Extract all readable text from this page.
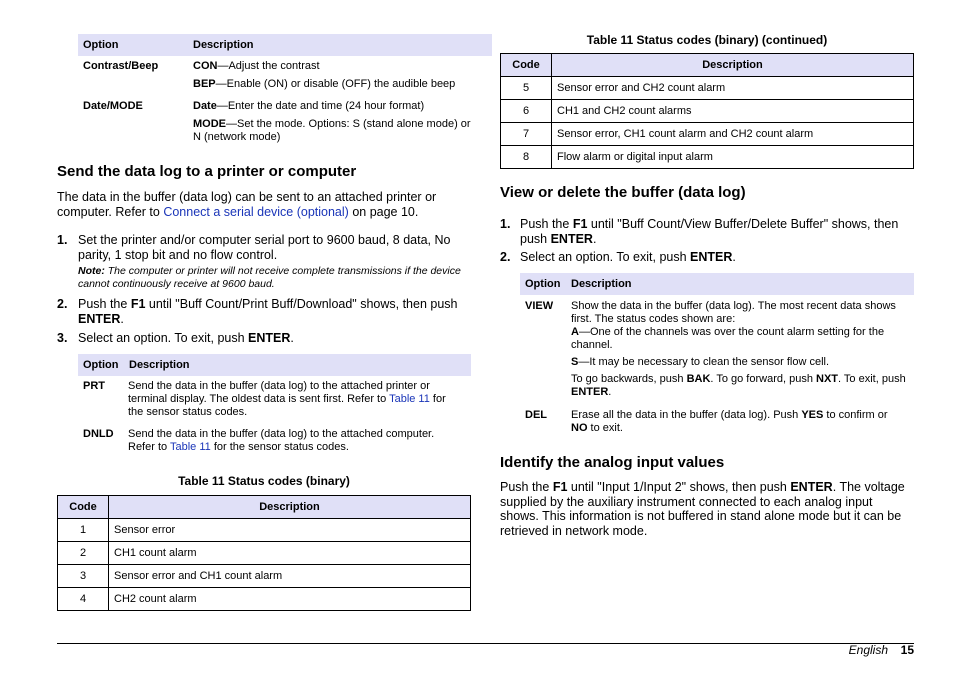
Option	Description
Contrast/Beep	CON—Adjust the contrast
BEP—Enable (ON) or disable (OFF) the audible beep
Date/MODE	Date—Enter the date and time (24 hour format)
MODE—Set the mode. Options: S (stand alone mode) or N (network mode)
Send the data log to a printer or computer
The data in the buffer (data log) can be sent to an attached printer or computer. Refer to Connect a serial device (optional) on page 10.
1. Set the printer and/or computer serial port to 9600 baud, 8 data, No parity, 1 stop bit and no flow control.
Note: The computer or printer will not receive complete transmissions if the device cannot continuously receive at 9600 baud.
2. Push the F1 until "Buff Count/Print Buff/Download" shows, then push ENTER.
3. Select an option. To exit, push ENTER.
Option	Description
PRT Send the data in the buffer (data log) to the attached printer or terminal display. The oldest data is sent first. Refer to Table 11 for the sensor status codes.
DNLD Send the data in the buffer (data log) to the attached computer. Refer to Table 11 for the sensor status codes.
Table 11 Status codes (binary)
Code	Description
1	Sensor error
2	CH1 count alarm
3	Sensor error and CH1 count alarm
4	CH2 count alarm
Table 11 Status codes (binary) (continued)
Code	Description
5	Sensor error and CH2 count alarm
6	CH1 and CH2 count alarms
7	Sensor error, CH1 count alarm and CH2 count alarm
8	Flow alarm or digital input alarm
View or delete the buffer (data log)
1. Push the F1 until "Buff Count/View Buffer/Delete Buffer" shows, then push ENTER.
2. Select an option. To exit, push ENTER.
Option	Description
VIEW Show the data in the buffer (data log). The most recent data shows first. The status codes shown are:
A—One of the channels was over the count alarm setting for the channel.
S—It may be necessary to clean the sensor flow cell.
To go backwards, push BAK. To go forward, push NXT. To exit, push ENTER.
DEL Erase all the data in the buffer (data log). Push YES to confirm or NO to exit.
Identify the analog input values
Push the F1 until "Input 1/Input 2" shows, then push ENTER. The voltage supplied by the auxiliary instrument connected to each analog input shows. This information is not buffered in stand alone mode but it can be retrieved in network mode.
English 15
